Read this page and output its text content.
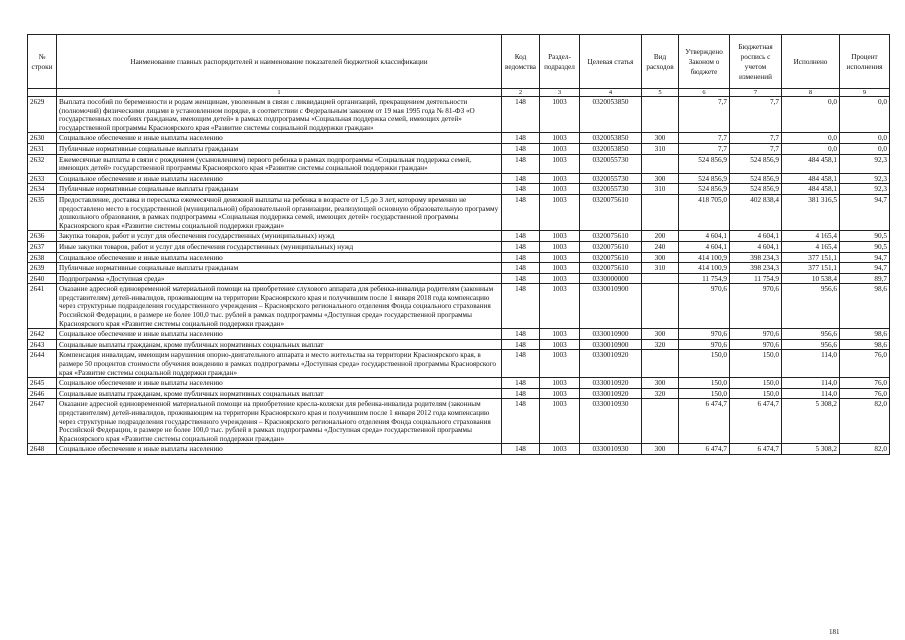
№ строки	Наименование главных распорядителей и наименование показателей бюджетной классификации	Код ведомства	Раздел-подраздел	Целевая статья	Вид расходов	Утверждено Законом о бюджете	Бюджетная роспись с учетом изменений	Исполнено	Процент исполнения
	1	2	3	4	5	6	7	8	9
2629	Выплата пособий по беременности и родам женщинам, уволенным в связи с ликвидацией организаций, прекращением деятельности (полномочий) физическими лицами в установленном порядке, в соответствии с Федеральным законом от 19 мая 1995 года № 81-ФЗ «О государственных пособиях гражданам, имеющим детей» в рамках подпрограммы «Социальная поддержка семей, имеющих детей» государственной программы Красноярского края «Развитие системы социальной поддержки граждан»	148	1003	0320053850		7,7	7,7	0,0	0,0
2630	Социальное обеспечение и иные выплаты населению	148	1003	0320053850	300	7,7	7,7	0,0	0,0
2631	Публичные нормативные социальные выплаты гражданам	148	1003	0320053850	310	7,7	7,7	0,0	0,0
2632	Ежемесячные выплаты в связи с рождением (усыновлением) первого ребенка в рамках подпрограммы «Социальная поддержка семей, имеющих детей» государственной программы Красноярского края «Развитие системы социальной поддержки граждан»	148	1003	0320055730		524 856,9	524 856,9	484 458,1	92,3
2633	Социальное обеспечение и иные выплаты населению	148	1003	0320055730	300	524 856,9	524 856,9	484 458,1	92,3
2634	Публичные нормативные социальные выплаты гражданам	148	1003	0320055730	310	524 856,9	524 856,9	484 458,1	92,3
2635	Предоставление, доставка и пересылка ежемесячной денежной выплаты на ребенка в возрасте от 1,5 до 3 лет, которому временно не предоставлено место в государственной (муниципальной) образовательной организации, реализующей основную образовательную программу дошкольного образования, в рамках подпрограммы «Социальная поддержка семей, имеющих детей» государственной программы Красноярского края «Развитие системы социальной поддержки граждан»	148	1003	0320075610		418 705,0	402 838,4	381 316,5	94,7
2636	Закупка товаров, работ и услуг для обеспечения государственных (муниципальных) нужд	148	1003	0320075610	200	4 604,1	4 604,1	4 165,4	90,5
2637	Иные закупки товаров, работ и услуг для обеспечения государственных (муниципальных) нужд	148	1003	0320075610	240	4 604,1	4 604,1	4 165,4	90,5
2638	Социальное обеспечение и иные выплаты населению	148	1003	0320075610	300	414 100,9	398 234,3	377 151,1	94,7
2639	Публичные нормативные социальные выплаты гражданам	148	1003	0320075610	310	414 100,9	398 234,3	377 151,1	94,7
2640	Подпрограмма «Доступная среда»	148	1003	0330000000		11 754,9	11 754,9	10 538,4	89,7
2641	Оказание адресной единовременной материальной помощи на приобретение слухового аппарата для ребенка-инвалида родителям (законным представителям) детей-инвалидов, проживающим на территории Красноярского края и получившим после 1 января 2018 года компенсацию через структурные подразделения государственного учреждения – Красноярского регионального отделения Фонда социального страхования Российской Федерации, в размере не более 100,0 тыс. рублей в рамках подпрограммы «Доступная среда» государственной программы Красноярского края «Развитие системы социальной поддержки граждан»	148	1003	0330010900		970,6	970,6	956,6	98,6
2642	Социальное обеспечение и иные выплаты населению	148	1003	0330010900	300	970,6	970,6	956,6	98,6
2643	Социальные выплаты гражданам, кроме публичных нормативных социальных выплат	148	1003	0330010900	320	970,6	970,6	956,6	98,6
2644	Компенсация инвалидам, имеющим нарушения опорно-двигательного аппарата и место жительства на территории Красноярского края, в размере 50 процентов стоимости обучения вождению в рамках подпрограммы «Доступная среда» государственной программы Красноярского края «Развитие системы социальной поддержки граждан»	148	1003	0330010920		150,0	150,0	114,0	76,0
2645	Социальное обеспечение и иные выплаты населению	148	1003	0330010920	300	150,0	150,0	114,0	76,0
2646	Социальные выплаты гражданам, кроме публичных нормативных социальных выплат	148	1003	0330010920	320	150,0	150,0	114,0	76,0
2647	Оказание адресной единовременной материальной помощи на приобретение кресла-коляски для ребенка-инвалида родителям (законным представителям) детей-инвалидов, проживающим на территории Красноярского края и получившим после 1 января 2012 года компенсацию через структурные подразделения государственного учреждения – Красноярского регионального отделения Фонда социального страхования Российской Федерации, в размере не более 100,0 тыс. рублей в рамках подпрограммы «Доступная среда» государственной программы Красноярского края «Развитие системы социальной поддержки граждан»	148	1003	0330010930		6 474,7	6 474,7	5 308,2	82,0
2648	Социальное обеспечение и иные выплаты населению	148	1003	0330010930	300	6 474,7	6 474,7	5 308,2	82,0
181
